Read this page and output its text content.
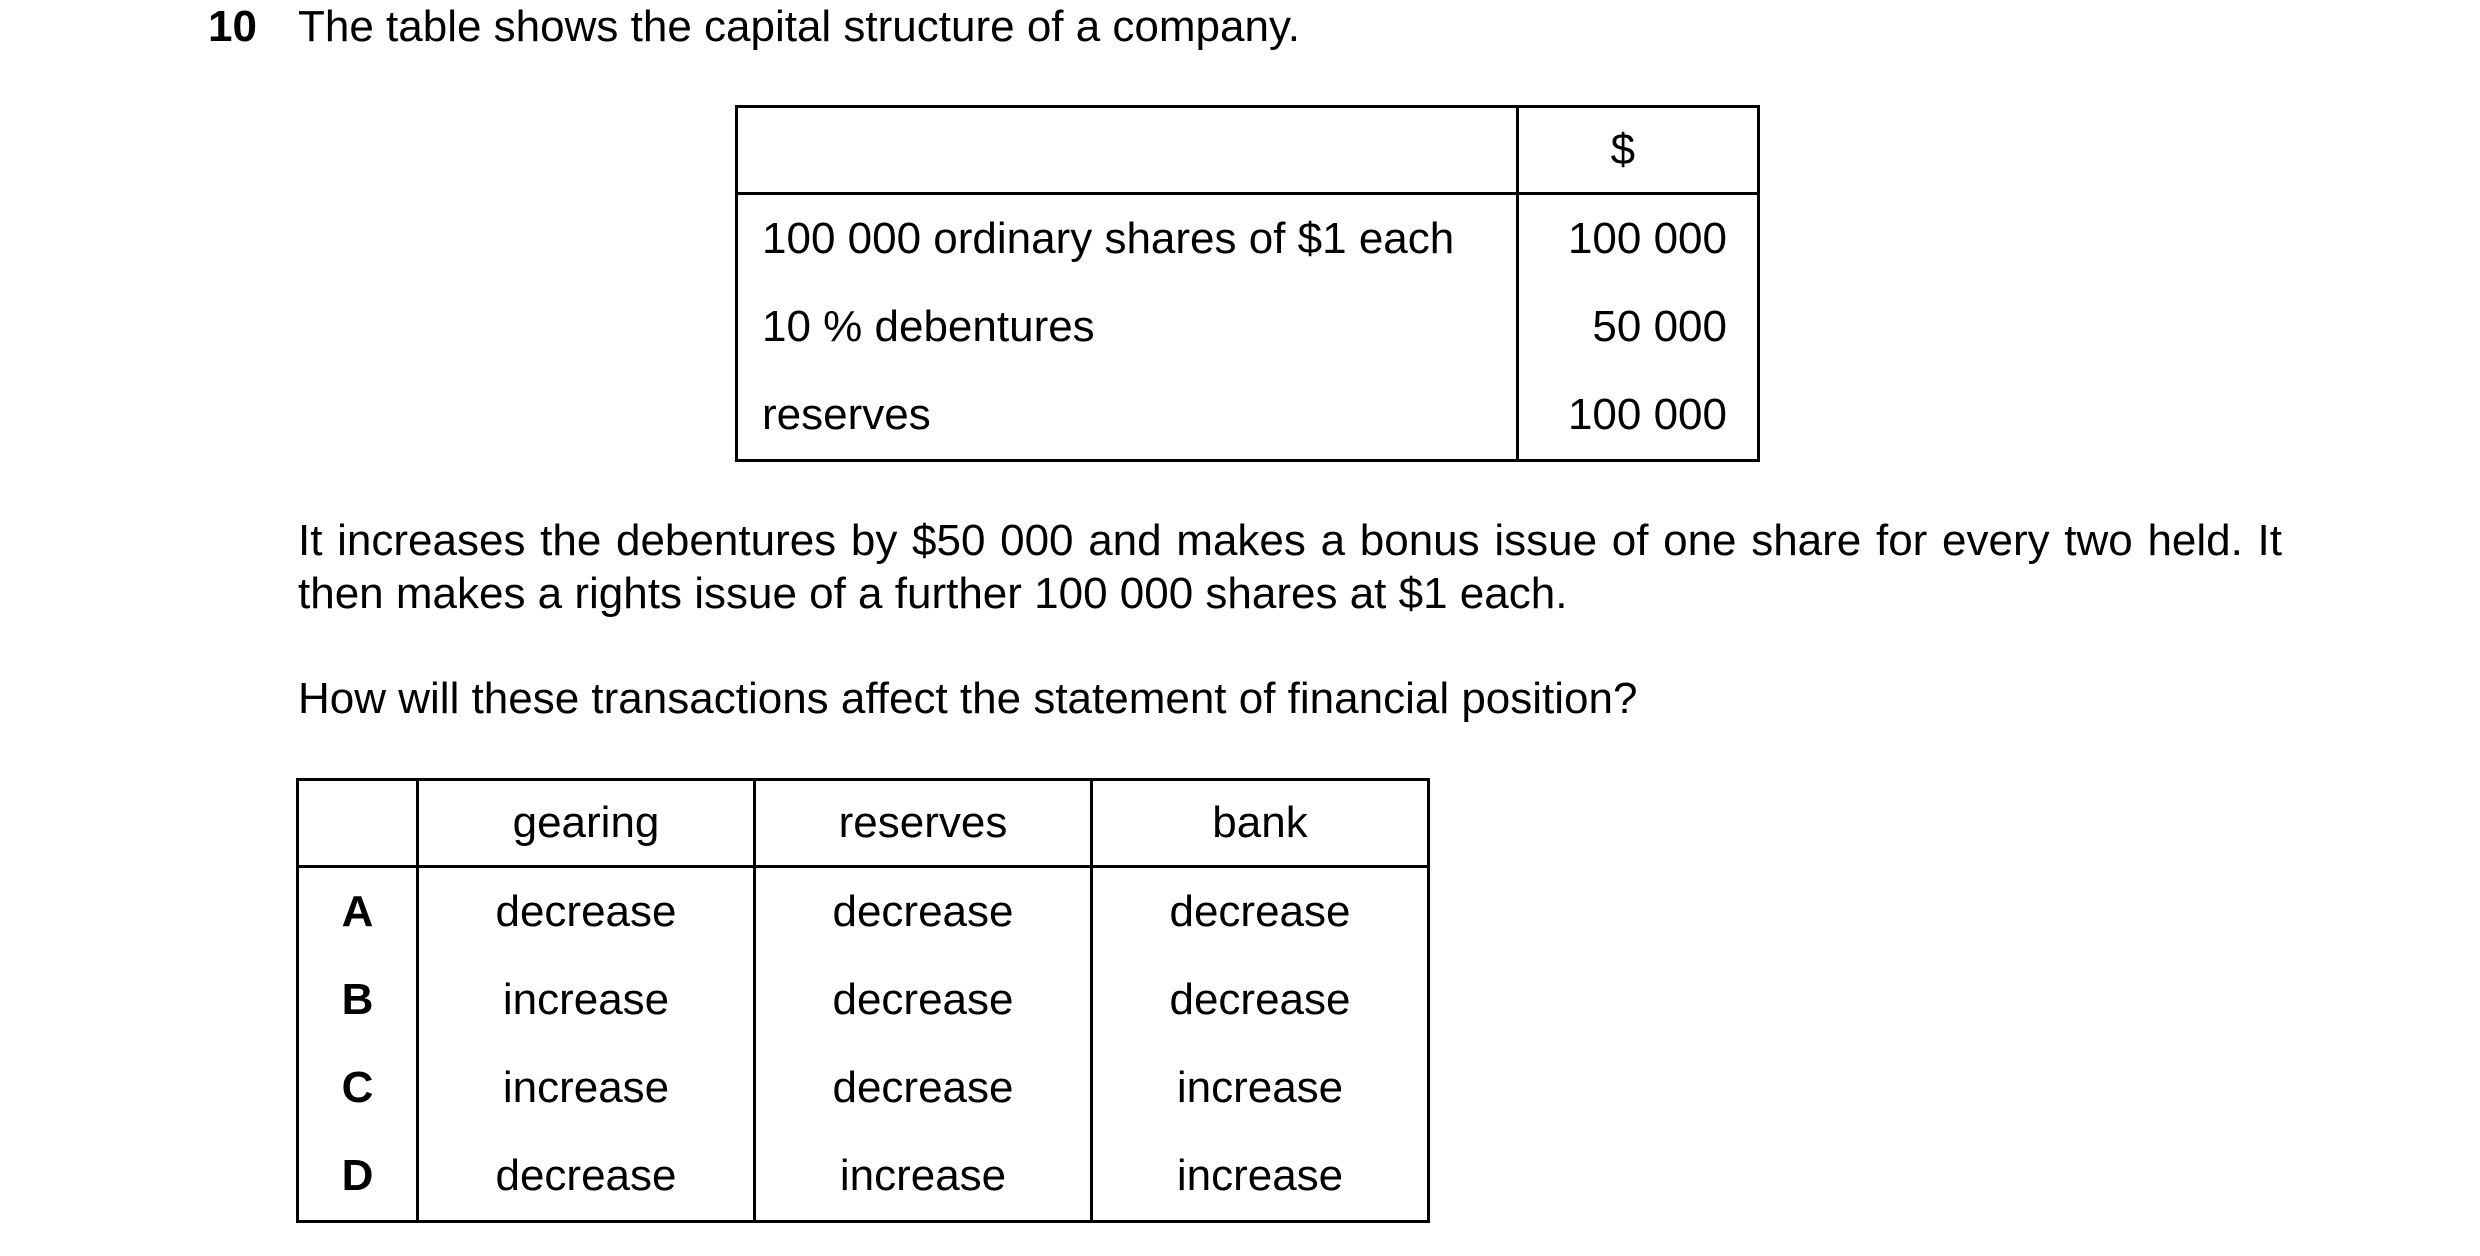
10 The table shows the capital structure of a company.
	$
100 000 ordinary shares of $1 each	100 000
10 % debentures	50 000
reserves	100 000
It increases the debentures by $50 000 and makes a bonus issue of one share for every two held. It then makes a rights issue of a further 100 000 shares at $1 each.
How will these transactions affect the statement of financial position?
	gearing	reserves	bank
A	decrease	decrease	decrease
B	increase	decrease	decrease
C	increase	decrease	increase
D	decrease	increase	increase
